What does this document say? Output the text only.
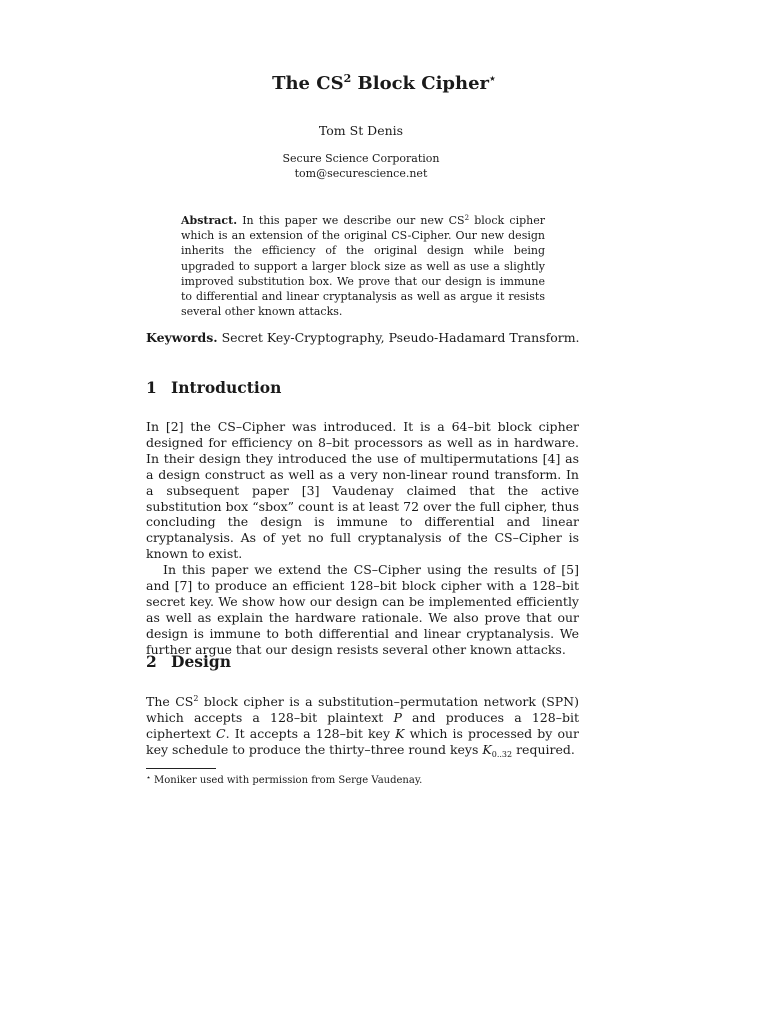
The $CS^2$ Block Cipher⋆
Tom St Denis
Secure Science Corporation
tom@securescience.net
Abstract. In this paper we describe our new $CS^2$ block cipher which is an extension of the original CS-Cipher. Our new design inherits the efficiency of the original design while being upgraded to support a larger block size as well as use a slightly improved substitution box. We prove that our design is immune to differential and linear cryptanalysis as well as argue it resists several other known attacks.
Keywords. Secret Key-Cryptography, Pseudo-Hadamard Transform.
1 Introduction

In [2] the CS–Cipher was introduced. It is a 64–bit block cipher designed for efficiency on 8–bit processors as well as in hardware. In their design they introduced the use of multipermutations [4] as a design construct as well as a very non-linear round transform. In a subsequent paper [3] Vaudenay claimed that the active substitution box “sbox” count is at least 72 over the full cipher, thus concluding the design is immune to differential and linear cryptanalysis. As of yet no full cryptanalysis of the CS–Cipher is known to exist.

In this paper we extend the CS–Cipher using the results of [5] and [7] to produce an efficient 128–bit block cipher with a 128–bit secret key. We show how our design can be implemented efficiently as well as explain the hardware rationale. We also prove that our design is immune to both differential and linear cryptanalysis. We further argue that our design resists several other known attacks.

2 Design

The $CS^2$ block cipher is a substitution–permutation network (SPN) which accepts a 128–bit plaintext P and produces a 128–bit ciphertext C. It accepts a 128–bit key K which is processed by our key schedule to produce the thirty–three round keys $K_{0..32}$ required.

⋆ Moniker used with permission from Serge Vaudenay.
